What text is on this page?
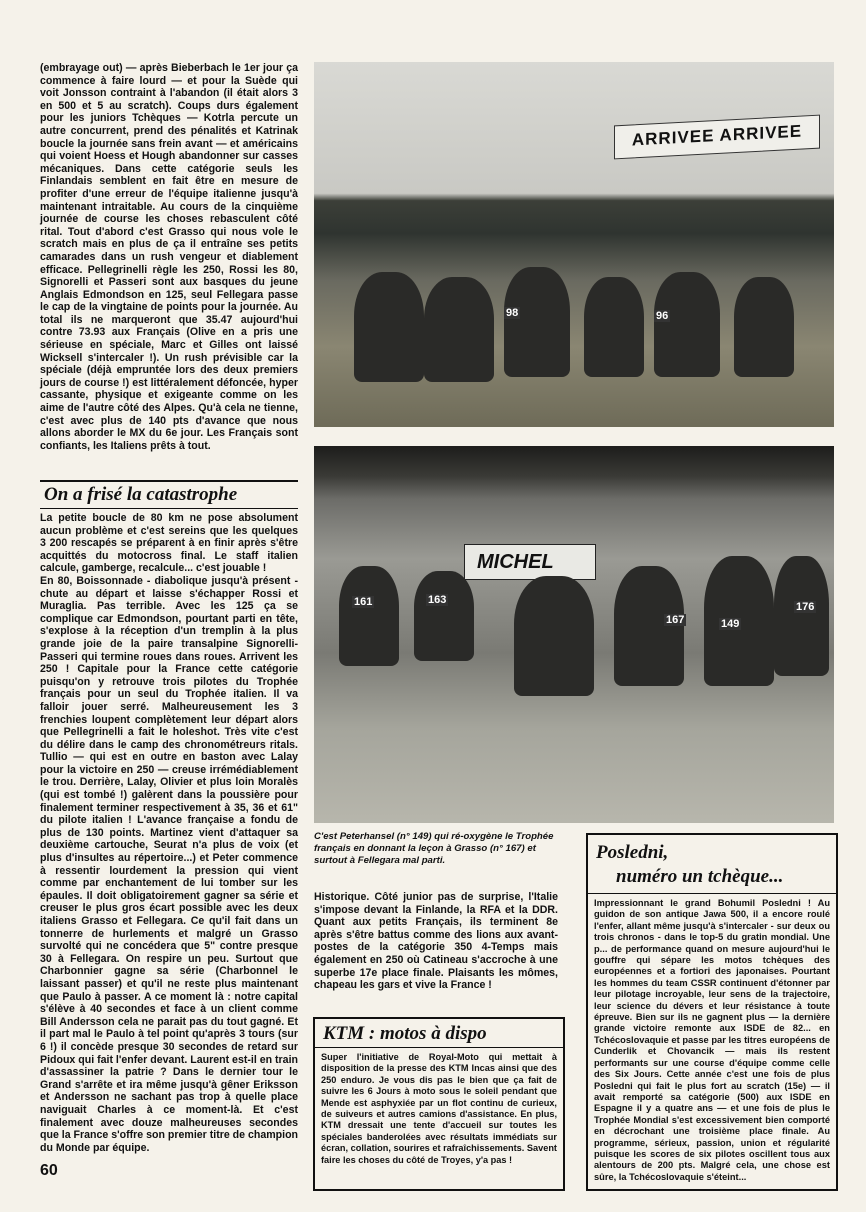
(embrayage out) — après Bieberbach le 1er jour ça commence à faire lourd — et pour la Suède qui voit Jonsson contraint à l'abandon (il était alors 3 en 500 et 5 au scratch). Coups durs également pour les juniors Tchèques — Kotrla percute un autre concurrent, prend des pénalités et Katrinak boucle la journée sans frein avant — et américains qui voient Hoess et Hough abandonner sur casses mécaniques. Dans cette catégorie seuls les Finlandais semblent en fait être en mesure de profiter d'une erreur de l'équipe italienne jusqu'à maintenant intraitable. Au cours de la cinquième journée de course les choses rebasculent côté rital. Tout d'abord c'est Grasso qui nous vole le scratch mais en plus de ça il entraîne ses petits camarades dans un rush vengeur et diablement efficace. Pellegrinelli règle les 250, Rossi les 80, Signorelli et Passeri sont aux basques du jeune Anglais Edmondson en 125, seul Fellegara passe le cap de la vingtaine de points pour la journée. Au total ils ne marqueront que 35.47 aujourd'hui contre 73.93 aux Français (Olive en a pris une sérieuse en spéciale, Marc et Gilles ont laissé Wicksell s'intercaler !). Un rush prévisible car la spéciale (déjà empruntée lors des deux premiers jours de course !) est littéralement défoncée, hyper cassante, physique et exigeante comme on les aime de l'autre côté des Alpes. Qu'à cela ne tienne, c'est avec plus de 140 pts d'avance que nous allons aborder le MX du 6e jour. Les Français sont confiants, les Italiens prêts à tout.

On a frisé la catastrophe

La petite boucle de 80 km ne pose absolument aucun problème et c'est sereins que les quelques 3 200 rescapés se préparent à en finir après s'être acquittés du motocross final. Le staff italien calcule, gamberge, recalcule... c'est jouable !

En 80, Boissonnade - diabolique jusqu'à présent - chute au départ et laisse s'échapper Rossi et Muraglia. Pas terrible. Avec les 125 ça se complique car Edmondson, pourtant parti en tête, s'explose à la réception d'un tremplin à la plus grande joie de la paire transalpine Signorelli-Passeri qui termine roues dans roues. Arrivent les 250 ! Capitale pour la France cette catégorie puisqu'on y retrouve trois pilotes du Trophée français pour un seul du Trophée italien. Il va falloir jouer serré. Malheureusement les 3 frenchies loupent complètement leur départ alors que Pellegrinelli a fait le holeshot. Très vite c'est du délire dans le camp des chronométreurs ritals. Tullio — qui est en outre en baston avec Lalay pour la victoire en 250 — creuse irrémédiablement le trou. Derrière, Lalay, Olivier et plus loin Moralès (qui est tombé !) galèrent dans la poussière pour finalement terminer respectivement à 35, 36 et 61" du pilote italien ! L'avance française a fondu de plus de 130 points. Martinez vient d'attaquer sa deuxième cartouche, Seurat n'a plus de voix (et plus d'insultes au répertoire...) et Peter commence à ressentir lourdement la pression qui vient comme par enchantement de lui tomber sur les épaules. Il doit obligatoirement gagner sa série et creuser le plus gros écart possible avec les deux italiens Grasso et Fellegara. Ce qu'il fait dans un tonnerre de hurlements et malgré un Grasso survolté qui ne concédera que 5" contre presque 30 à Fellegara. On respire un peu. Surtout que Charbonnier gagne sa série (Charbonnel le laissant passer) et qu'il ne reste plus maintenant que Paulo à passer. A ce moment là : notre capital s'élève à 40 secondes et face à un client comme Bill Andersson cela ne parait pas du tout gagné. Et il part mal le Paulo à tel point qu'après 3 tours (sur 6 !) il concède presque 30 secondes de retard sur Pidoux qui fait l'enfer devant. Laurent est-il en train d'assassiner la patrie ? Dans le dernier tour le Grand s'arrête et ira même jusqu'à gêner Eriksson et Andersson ne sachant pas trop à quelle place naviguait Charles à ce moment-là. Et c'est finalement avec douze malheureuses secondes que la France s'offre son premier titre de champion du Monde par équipe.

ARRIVEE ARRIVEE
98	96
MICHEL
161	163
167	149
176
C'est Peterhansel (n° 149) qui ré-oxygène le Trophée français en donnant la leçon à Grasso (n° 167) et surtout à Fellegara mal parti.

Historique. Côté junior pas de surprise, l'Italie s'impose devant la Finlande, la RFA et la DDR. Quant aux petits Français, ils terminent 8e après s'être battus comme des lions aux avant-postes de la catégorie 350 4-Temps mais également en 250 où Catineau s'accroche à une superbe 17e place finale. Plaisants les mômes, chapeau les gars et vive la France !

KTM : motos à dispo
Super l'initiative de Royal-Moto qui mettait à disposition de la presse des KTM Incas ainsi que des 250 enduro. Je vous dis pas le bien que ça fait de suivre les 6 Jours à moto sous le soleil pendant que Mende est asphyxiée par un flot continu de curieux, de suiveurs et autres camions d'assistance. En plus, KTM dressait une tente d'accueil sur toutes les spéciales banderolées avec résultats immédiats sur écran, collation, sourires et rafraîchissements. Savent faire les choses du côté de Troyes, y'a pas !
Posledni,
numéro un tchèque...
Impressionnant le grand Bohumil Posledni ! Au guidon de son antique Jawa 500, il a encore roulé l'enfer, allant même jusqu'à s'intercaler - sur deux ou trois chronos - dans le top-5 du gratin mondial. Une p... de performance quand on mesure aujourd'hui le gouffre qui sépare les motos tchèques des européennes et a fortiori des japonaises. Pourtant les hommes du team CSSR continuent d'étonner par leur pilotage incroyable, leur sens de la trajectoire, leur science du dévers et leur résistance à toute épreuve. Bien sur ils ne gagnent plus — la dernière grande victoire remonte aux ISDE de 82... en Tchécoslovaquie et passe par les titres européens de Cunderlik et Chovancik — mais ils restent performants sur une course d'équipe comme celle des Six Jours. Cette année c'est une fois de plus Posledni qui fait le plus fort au scratch (15e) — il avait remporté sa catégorie (500) aux ISDE en Espagne il y a quatre ans — et une fois de plus le Trophée Mondial s'est excessivement bien comporté en décrochant une troisième place finale. Au programme, sérieux, passion, union et régularité puisque les scores de six pilotes oscillent tous aux alentours de 200 pts. Malgré cela, une chose est sûre, la Tchécoslovaquie s'éteint...
60
